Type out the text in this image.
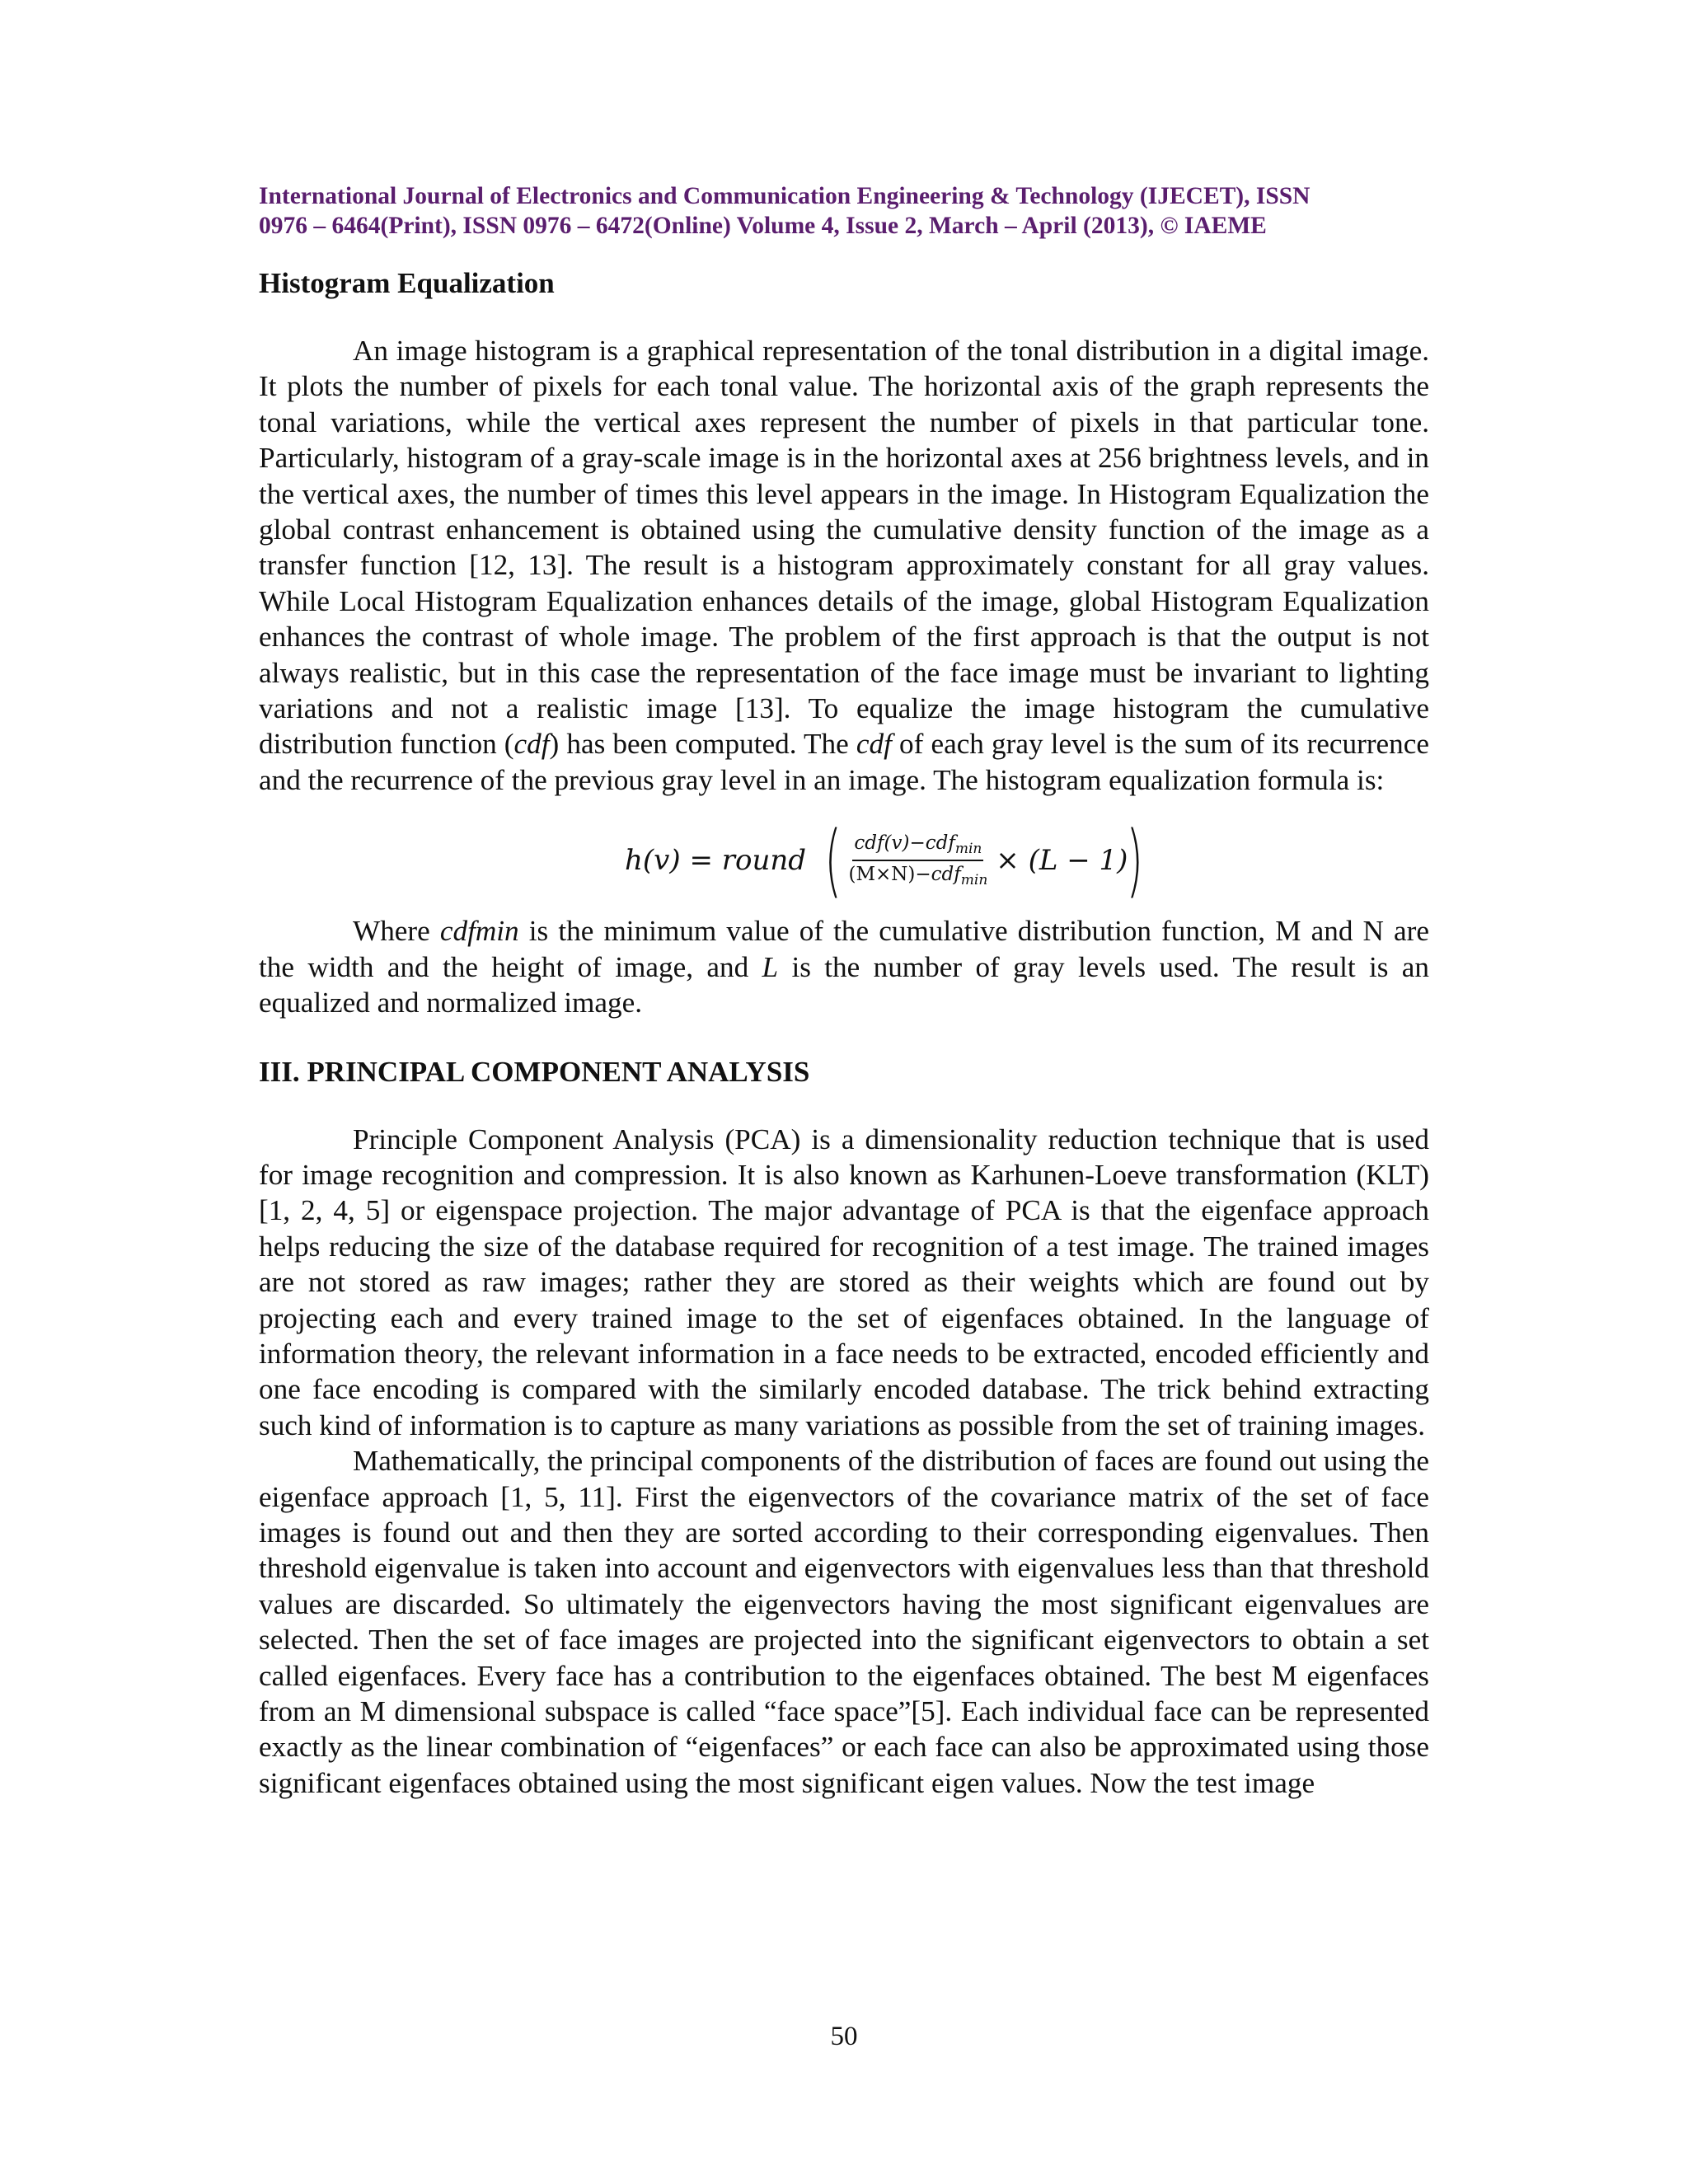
International Journal of Electronics and Communication Engineering & Technology (IJECET), ISSN

0976 – 6464(Print), ISSN 0976 – 6472(Online) Volume 4, Issue 2, March – April (2013), © IAEME

Histogram Equalization

An image histogram is a graphical representation of the tonal distribution in a digital image. It plots the number of pixels for each tonal value. The horizontal axis of the graph represents the tonal variations, while the vertical axes represent the number of pixels in that particular tone. Particularly, histogram of a gray-scale image is in the horizontal axes at 256 brightness levels, and in the vertical axes, the number of times this level appears in the image. In Histogram Equalization the global contrast enhancement is obtained using the cumulative density function of the image as a transfer function [12, 13]. The result is a histogram approximately constant for all gray values. While Local Histogram Equalization enhances details of the image, global Histogram Equalization enhances the contrast of whole image. The problem of the first approach is that the output is not always realistic, but in this case the representation of the face image must be invariant to lighting variations and not a realistic image [13]. To equalize the image histogram the cumulative distribution function (cdf) has been computed. The cdf of each gray level is the sum of its recurrence and the recurrence of the previous gray level in an image. The histogram equalization formula is:

h(v) = round ( $\frac{cdf(v)-cdf_{min}}{(M\times N)-cdf_{min}} \times (L - 1)$
)

Where cdfmin is the minimum value of the cumulative distribution function, M and N are the width and the height of image, and L is the number of gray levels used. The result is an equalized and normalized image.

III. PRINCIPAL COMPONENT ANALYSIS

Principle Component Analysis (PCA) is a dimensionality reduction technique that is used for image recognition and compression. It is also known as Karhunen-Loeve transformation (KLT) [1, 2, 4, 5] or eigenspace projection. The major advantage of PCA is that the eigenface approach helps reducing the size of the database required for recognition of a test image. The trained images are not stored as raw images; rather they are stored as their weights which are found out by projecting each and every trained image to the set of eigenfaces obtained. In the language of information theory, the relevant information in a face needs to be extracted, encoded efficiently and one face encoding is compared with the similarly encoded database. The trick behind extracting such kind of information is to capture as many variations as possible from the set of training images.

Mathematically, the principal components of the distribution of faces are found out using the eigenface approach [1, 5, 11]. First the eigenvectors of the covariance matrix of the set of face images is found out and then they are sorted according to their corresponding eigenvalues. Then threshold eigenvalue is taken into account and eigenvectors with eigenvalues less than that threshold values are discarded. So ultimately the eigenvectors having the most significant eigenvalues are selected. Then the set of face images are projected into the significant eigenvectors to obtain a set called eigenfaces. Every face has a contribution to the eigenfaces obtained. The best M eigenfaces from an M dimensional subspace is called “face space”[5]. Each individual face can be represented exactly as the linear combination of “eigenfaces” or each face can also be approximated using those significant eigenfaces obtained using the most significant eigen values. Now the test image

50
